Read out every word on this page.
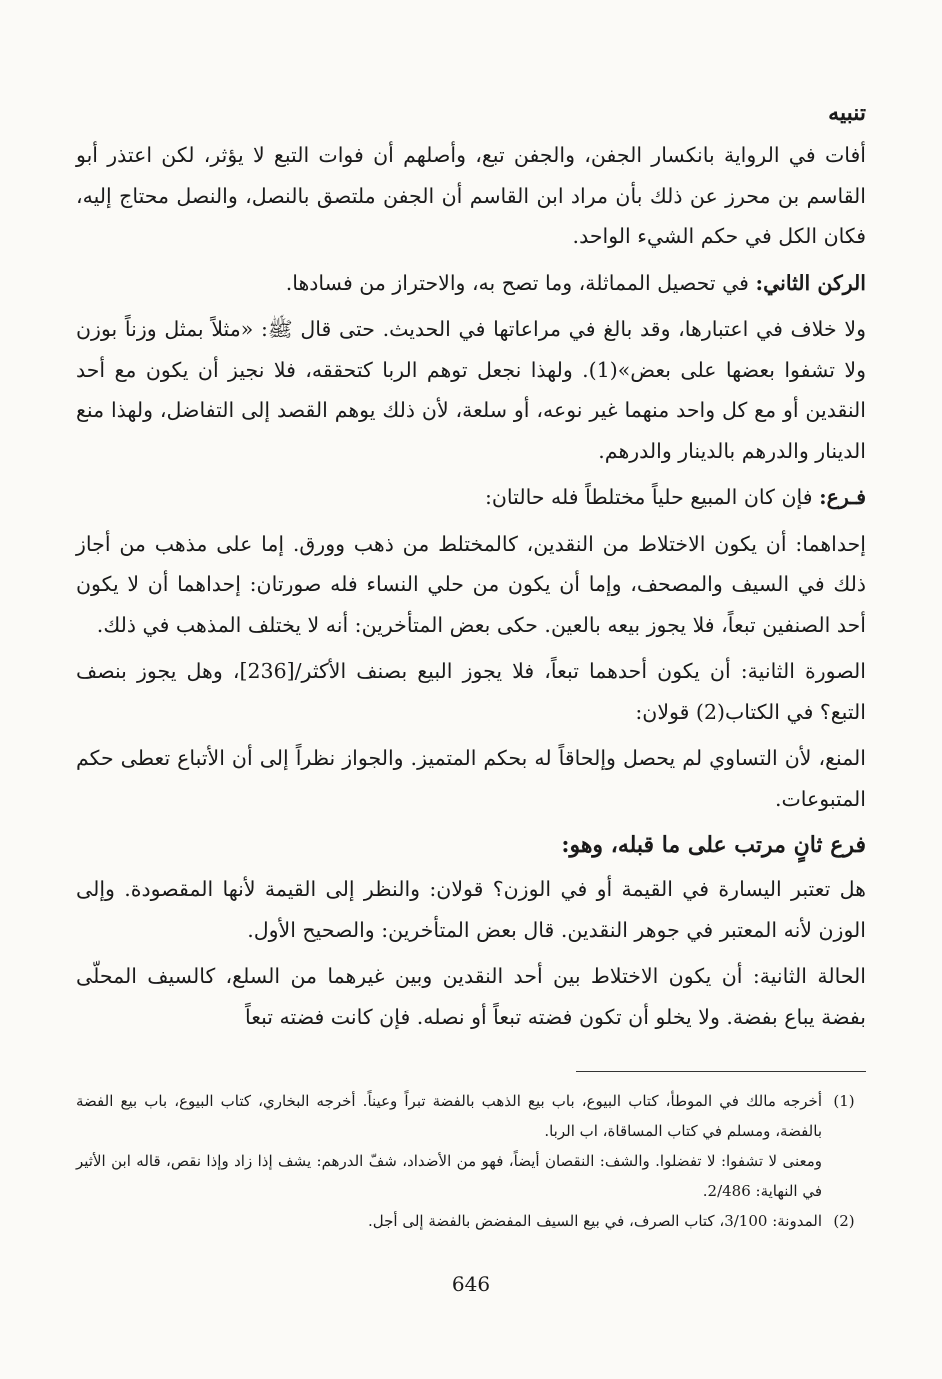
تنبيه

أفات في الرواية بانكسار الجفن، والجفن تبع، وأصلهم أن فوات التبع لا يؤثر، لكن اعتذر أبو القاسم بن محرز عن ذلك بأن مراد ابن القاسم أن الجفن ملتصق بالنصل، والنصل محتاج إليه، فكان الكل في حكم الشيء الواحد.

الركن الثاني: في تحصيل المماثلة، وما تصح به، والاحتراز من فسادها.

ولا خلاف في اعتبارها، وقد بالغ في مراعاتها في الحديث. حتى قال ﷺ: «مثلاً بمثل وزناً بوزن ولا تشفوا بعضها على بعض»(1). ولهذا نجعل توهم الربا كتحققه، فلا نجيز أن يكون مع أحد النقدين أو مع كل واحد منهما غير نوعه، أو سلعة، لأن ذلك يوهم القصد إلى التفاضل، ولهذا منع الدينار والدرهم بالدينار والدرهم.

فـرع: فإن كان المبيع حلياً مختلطاً فله حالتان:

إحداهما: أن يكون الاختلاط من النقدين، كالمختلط من ذهب وورق. إما على مذهب من أجاز ذلك في السيف والمصحف، وإما أن يكون من حلي النساء فله صورتان: إحداهما أن لا يكون أحد الصنفين تبعاً، فلا يجوز بيعه بالعين. حكى بعض المتأخرين: أنه لا يختلف المذهب في ذلك.

الصورة الثانية: أن يكون أحدهما تبعاً، فلا يجوز البيع بصنف الأكثر/[236]، وهل يجوز بنصف التبع؟ في الكتاب(2) قولان:

المنع، لأن التساوي لم يحصل وإلحاقاً له بحكم المتميز. والجواز نظراً إلى أن الأتباع تعطى حكم المتبوعات.

فرع ثانٍ مرتب على ما قبله، وهو:

هل تعتبر اليسارة في القيمة أو في الوزن؟ قولان: والنظر إلى القيمة لأنها المقصودة. وإلى الوزن لأنه المعتبر في جوهر النقدين. قال بعض المتأخرين: والصحيح الأول.

الحالة الثانية: أن يكون الاختلاط بين أحد النقدين وبين غيرهما من السلع، كالسيف المحلّى بفضة يباع بفضة. ولا يخلو أن تكون فضته تبعاً أو نصله. فإن كانت فضته تبعاً

(1)
أخرجه مالك في الموطأ، كتاب البيوع، باب بيع الذهب بالفضة تبراً وعيناً. أخرجه البخاري، كتاب البيوع، باب بيع الفضة بالفضة، ومسلم في كتاب المساقاة، اب الربا.

ومعنى لا تشفوا: لا تفضلوا. والشف: النقصان أيضاً، فهو من الأضداد، شفّ الدرهم: يشف إذا زاد وإذا نقص، قاله ابن الأثير في النهاية: 2/486.

(2)
المدونة: 3/100، كتاب الصرف، في بيع السيف المفضض بالفضة إلى أجل.
646
